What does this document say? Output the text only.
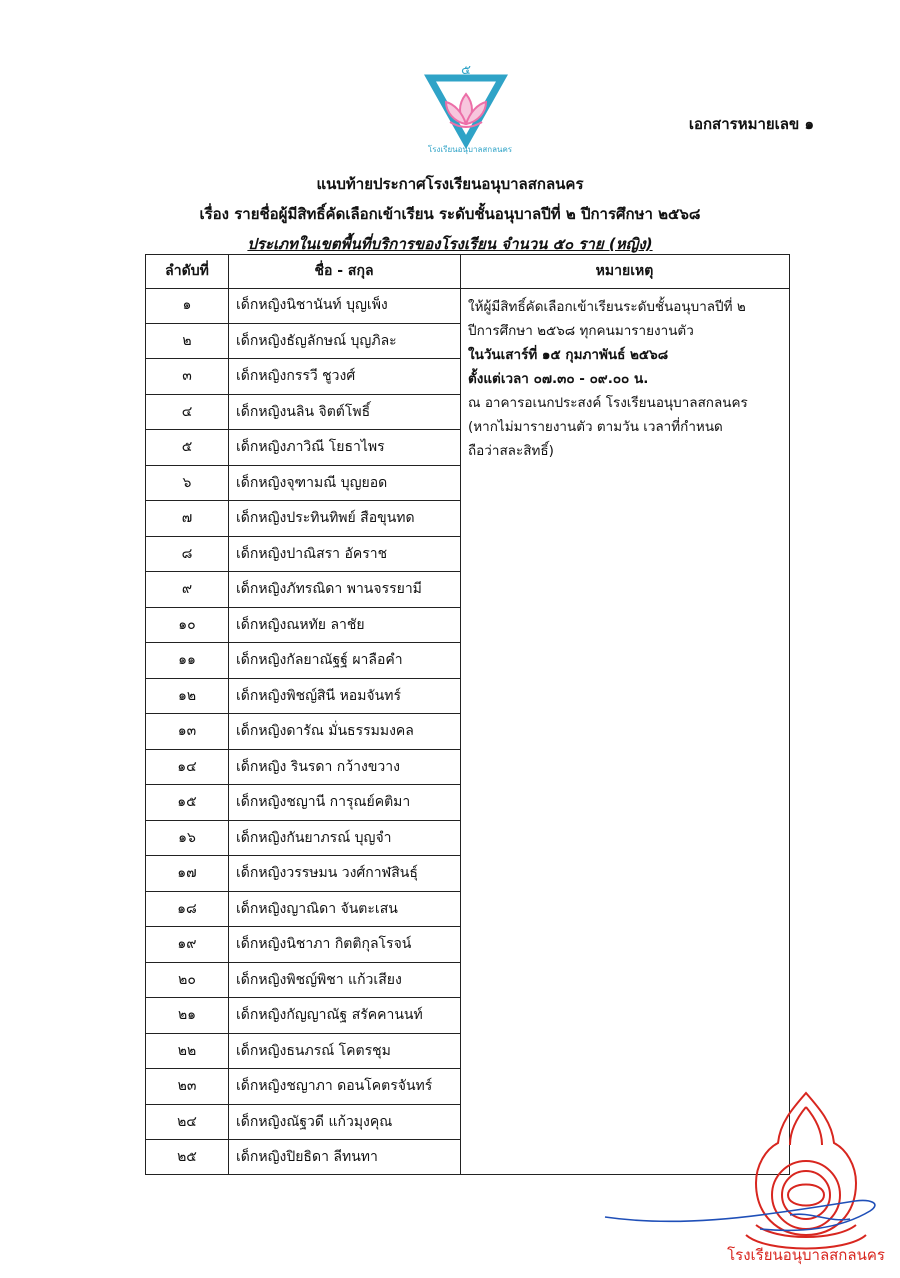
๕
โรงเรียนอนุบาลสกลนคร
เอกสารหมายเลข ๑
แนบท้ายประกาศโรงเรียนอนุบาลสกลนคร
เรื่อง รายชื่อผู้มีสิทธิ์คัดเลือกเข้าเรียน ระดับชั้นอนุบาลปีที่ ๒ ปีการศึกษา ๒๕๖๘
ประเภทในเขตพื้นที่บริการของโรงเรียน จำนวน ๕๐ ราย (หญิง)
ลำดับที่
๑
๒
๓
๔
๕
๖
๗
๘
๙
๑๐
๑๑
๑๒
๑๓
๑๔
๑๕
๑๖
๑๗
๑๘
๑๙
๒๐
๒๑
๒๒
๒๓
๒๔
๒๕
ชื่อ - สกุล
เด็กหญิงนิชานันท์ บุญเพ็ง
เด็กหญิงธัญลักษณ์ บุญภิละ
เด็กหญิงกรรวี ชูวงศ์
เด็กหญิงนลิน จิตต์โพธิ์
เด็กหญิงภาวิณี โยธาไพร
เด็กหญิงจุฑามณี บุญยอด
เด็กหญิงประทินทิพย์ สือขุนทด
เด็กหญิงปาณิสรา อัคราช
เด็กหญิงภัทรณิดา พานจรรยามี
เด็กหญิงณหทัย ลาชัย
เด็กหญิงกัลยาณัฐฐ์ ผาลือคำ
เด็กหญิงพิชญ์สินี หอมจันทร์
เด็กหญิงดารัณ มั่นธรรมมงคล
เด็กหญิง รินรดา กว้างขวาง
เด็กหญิงชญานี การุณย์คติมา
เด็กหญิงกันยาภรณ์ บุญจำ
เด็กหญิงวรรษมน วงศ์กาฬสินธุ์
เด็กหญิงญาณิดา จันตะเสน
เด็กหญิงนิชาภา กิตติกุลโรจน์
เด็กหญิงพิชญ์พิชา แก้วเสียง
เด็กหญิงกัญญาณัฐ สรัคคานนท์
เด็กหญิงธนภรณ์ โคตรชุม
เด็กหญิงชญาภา ดอนโคตรจันทร์
เด็กหญิงณัฐวดี แก้วมุงคุณ
เด็กหญิงปิยธิดา ลีทนทา
หมายเหตุ
ให้ผู้มีสิทธิ์คัดเลือกเข้าเรียนระดับชั้นอนุบาลปีที่ ๒
ปีการศึกษา ๒๕๖๘ ทุกคนมารายงานตัว
ในวันเสาร์ที่ ๑๕ กุมภาพันธ์ ๒๕๖๘
ตั้งแต่เวลา ๐๗.๓๐ - ๐๙.๐๐ น.
ณ อาคารอเนกประสงค์ โรงเรียนอนุบาลสกลนคร
(หากไม่มารายงานตัว ตามวัน เวลาที่กำหนด
ถือว่าสละสิทธิ์)
โรงเรียนอนุบาลสกลนคร
